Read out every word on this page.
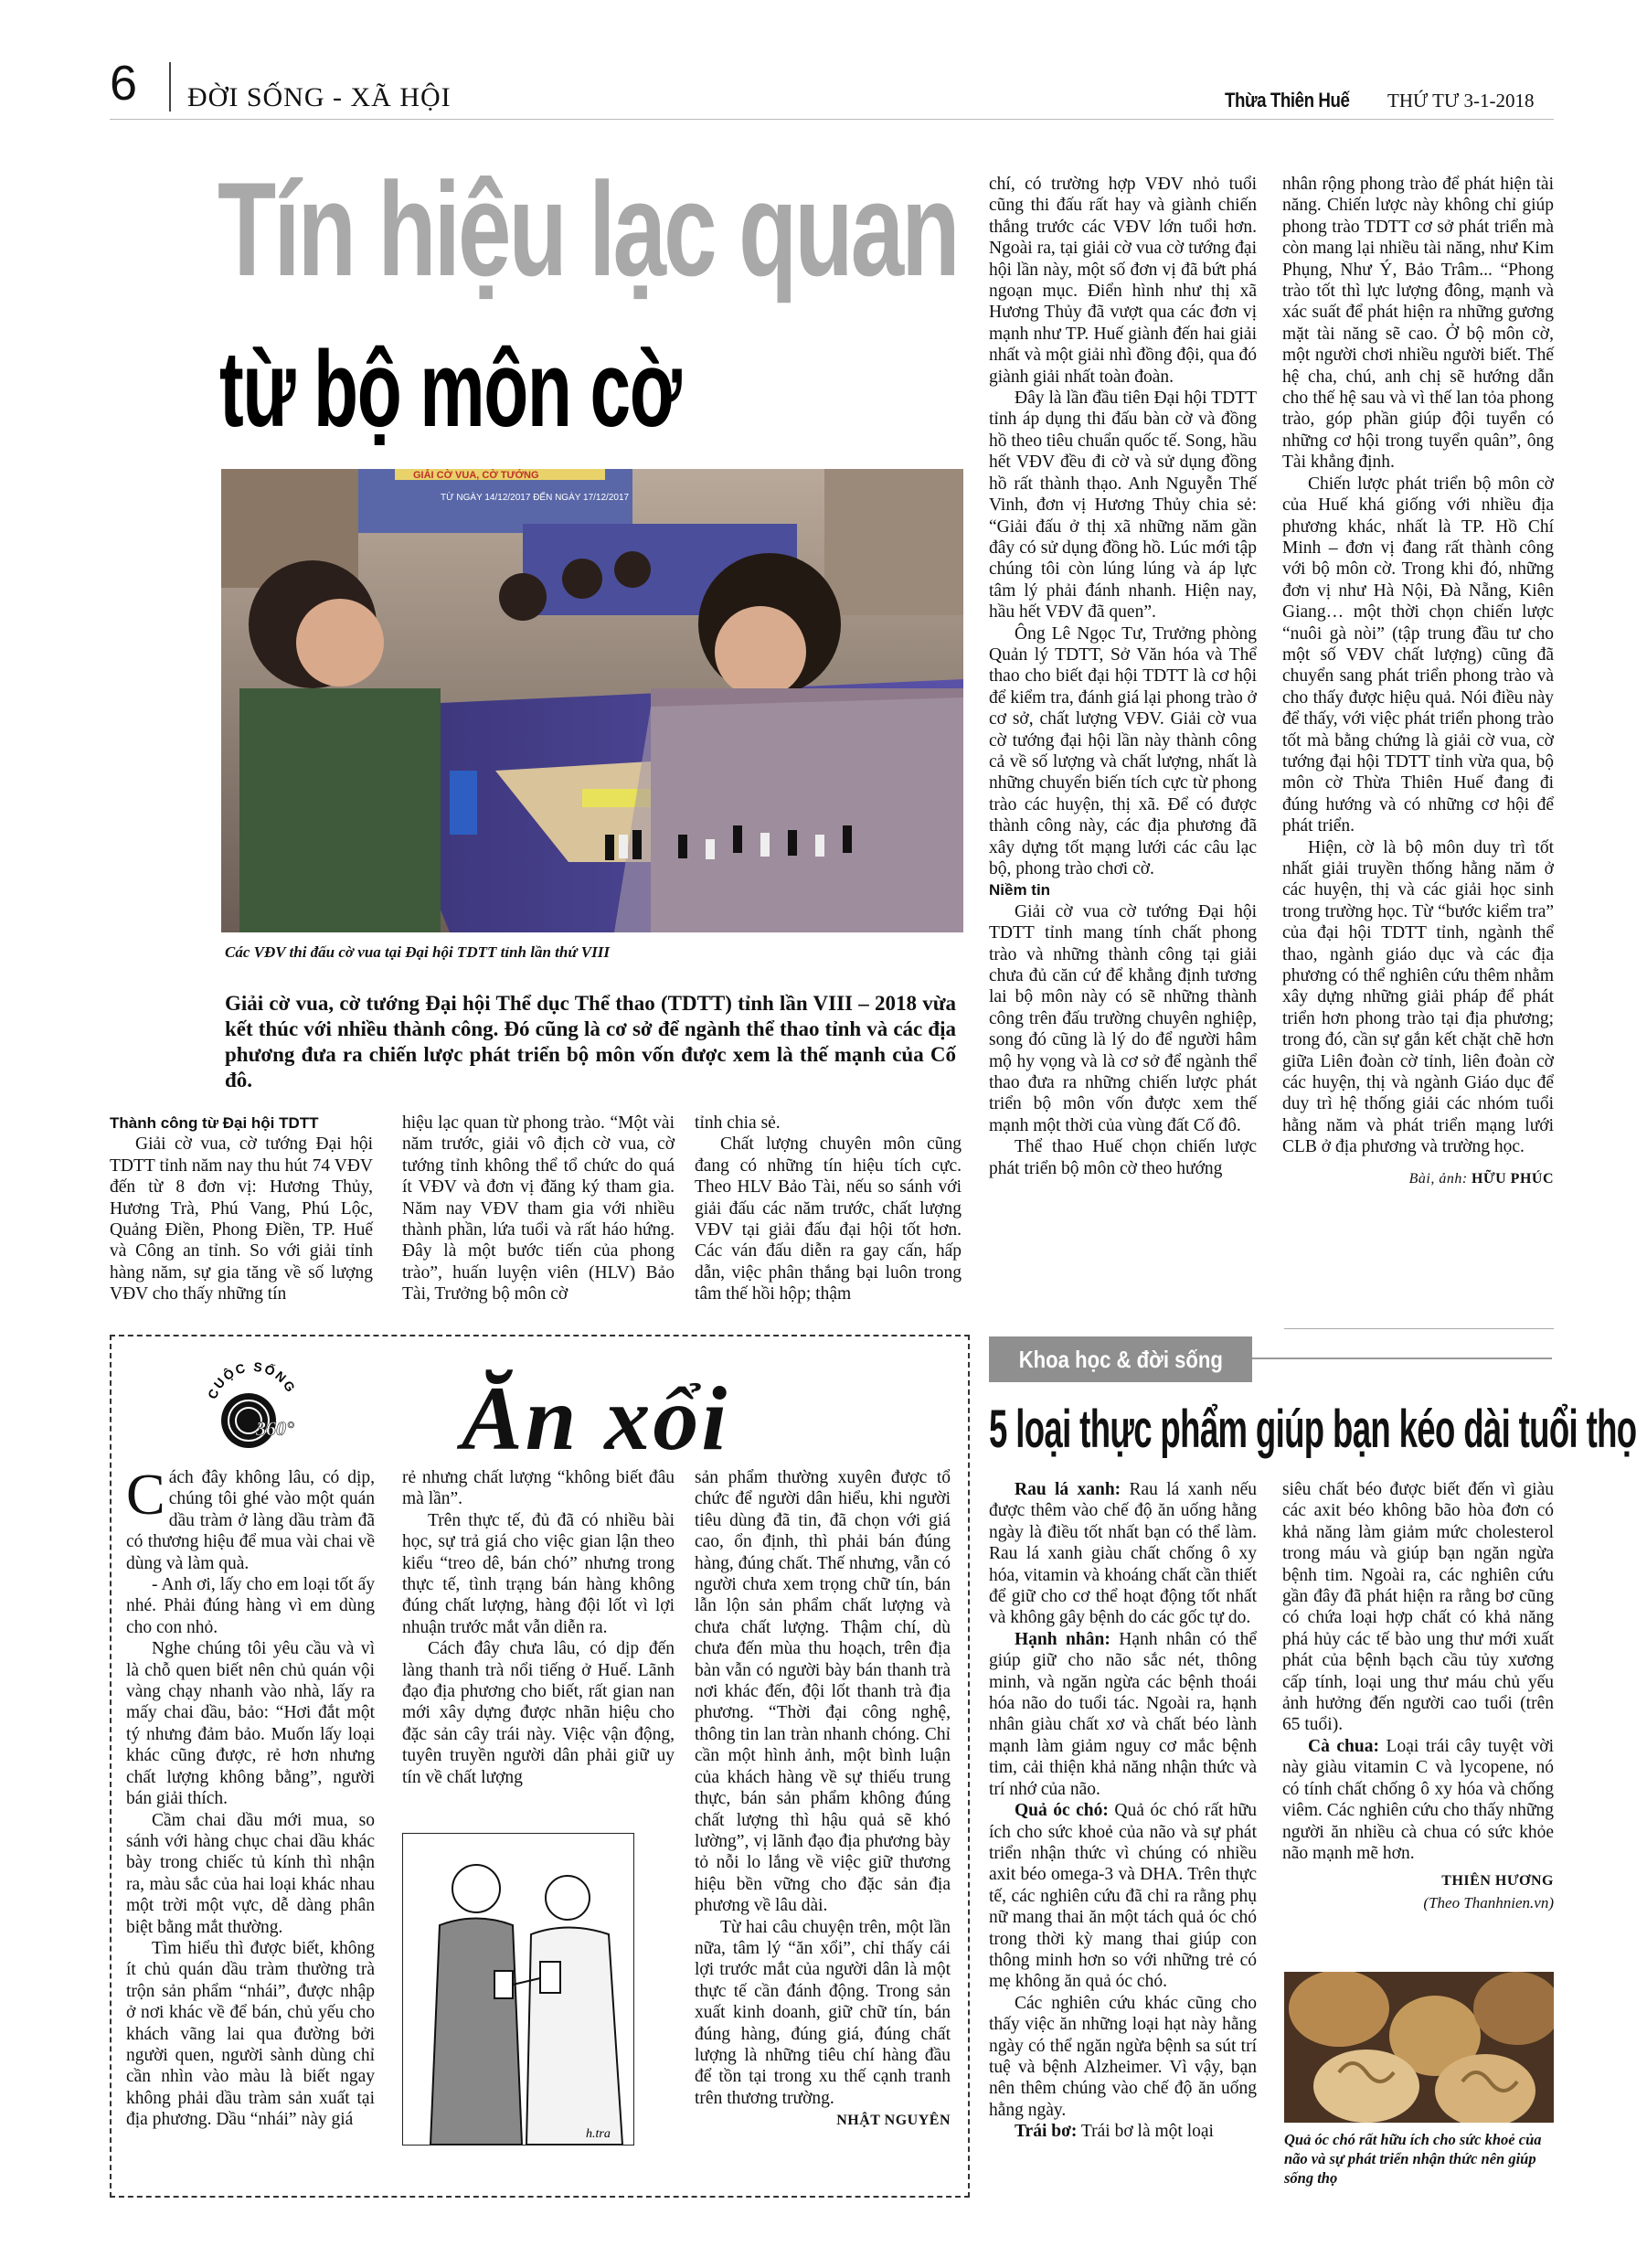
6 ĐỜI SỐNG - XÃ HỘI	Thừa Thiên Huế THỨ TƯ 3-1-2018
Tín hiệu lạc quan
từ bộ môn cờ
GIẢI CỜ VUA, CỜ TƯỚNG
TỪ NGÀY 14/12/2017 ĐẾN NGÀY 17/12/2017
Các VĐV thi đấu cờ vua tại Đại hội TDTT tỉnh lần thứ VIII
Giải cờ vua, cờ tướng Đại hội Thể dục Thể thao (TDTT) tỉnh lần VIII – 2018 vừa kết thúc với nhiều thành công. Đó cũng là cơ sở để ngành thể thao tỉnh và các địa phương đưa ra chiến lược phát triển bộ môn vốn được xem là thế mạnh của Cố đô.

Thành công từ Đại hội TDTT

Giải cờ vua, cờ tướng Đại hội TDTT tỉnh năm nay thu hút 74 VĐV đến từ 8 đơn vị: Hương Thủy, Hương Trà, Phú Vang, Phú Lộc, Quảng Điền, Phong Điền, TP. Huế và Công an tỉnh. So với giải tỉnh hàng năm, sự gia tăng về số lượng VĐV cho thấy những tín

hiệu lạc quan từ phong trào. “Một vài năm trước, giải vô địch cờ vua, cờ tướng tỉnh không thể tổ chức do quá ít VĐV và đơn vị đăng ký tham gia. Năm nay VĐV tham gia với nhiều thành phần, lứa tuổi và rất háo hứng. Đây là một bước tiến của phong trào”, huấn luyện viên (HLV) Bảo Tài, Trưởng bộ môn cờ

tỉnh chia sẻ.

Chất lượng chuyên môn cũng đang có những tín hiệu tích cực. Theo HLV Bảo Tài, nếu so sánh với giải đấu các năm trước, chất lượng VĐV tại giải đấu đại hội tốt hơn. Các ván đấu diễn ra gay cấn, hấp dẫn, việc phân thắng bại luôn trong tâm thế hồi hộp; thậm

chí, có trường hợp VĐV nhỏ tuổi cũng thi đấu rất hay và giành chiến thắng trước các VĐV lớn tuổi hơn. Ngoài ra, tại giải cờ vua cờ tướng đại hội lần này, một số đơn vị đã bứt phá ngoạn mục. Điển hình như thị xã Hương Thủy đã vượt qua các đơn vị mạnh như TP. Huế giành đến hai giải nhất và một giải nhì đồng đội, qua đó giành giải nhất toàn đoàn.

Đây là lần đầu tiên Đại hội TDTT tỉnh áp dụng thi đấu bàn cờ và đồng hồ theo tiêu chuẩn quốc tế. Song, hầu hết VĐV đều đi cờ và sử dụng đồng hồ rất thành thạo. Anh Nguyễn Thế Vinh, đơn vị Hương Thủy chia sẻ: “Giải đấu ở thị xã những năm gần đây có sử dụng đồng hồ. Lúc mới tập chúng tôi còn lúng lúng và áp lực tâm lý phải đánh nhanh. Hiện nay, hầu hết VĐV đã quen”.

Ông Lê Ngọc Tư, Trưởng phòng Quản lý TDTT, Sở Văn hóa và Thể thao cho biết đại hội TDTT là cơ hội để kiểm tra, đánh giá lại phong trào ở cơ sở, chất lượng VĐV. Giải cờ vua cờ tướng đại hội lần này thành công cả về số lượng và chất lượng, nhất là những chuyển biến tích cực từ phong trào các huyện, thị xã. Để có được thành công này, các địa phương đã xây dựng tốt mạng lưới các câu lạc bộ, phong trào chơi cờ.

Niềm tin

Giải cờ vua cờ tướng Đại hội TDTT tỉnh mang tính chất phong trào và những thành công tại giải chưa đủ căn cứ để khẳng định tương lai bộ môn này có sẽ những thành công trên đấu trường chuyên nghiệp, song đó cũng là lý do để người hâm mộ hy vọng và là cơ sở để ngành thể thao đưa ra những chiến lược phát triển bộ môn vốn được xem thế mạnh một thời của vùng đất Cố đô.

Thể thao Huế chọn chiến lược phát triển bộ môn cờ theo hướng

nhân rộng phong trào để phát hiện tài năng. Chiến lược này không chỉ giúp phong trào TDTT cơ sở phát triển mà còn mang lại nhiều tài năng, như Kim Phụng, Như Ý, Bảo Trâm... “Phong trào tốt thì lực lượng đông, mạnh và xác suất để phát hiện ra những gương mặt tài năng sẽ cao. Ở bộ môn cờ, một người chơi nhiều người biết. Thế hệ cha, chú, anh chị sẽ hướng dẫn cho thế hệ sau và vì thế lan tỏa phong trào, góp phần giúp đội tuyển có những cơ hội trong tuyển quân”, ông Tài khẳng định.

Chiến lược phát triển bộ môn cờ của Huế khá giống với nhiều địa phương khác, nhất là TP. Hồ Chí Minh – đơn vị đang rất thành công với bộ môn cờ. Trong khi đó, những đơn vị như Hà Nội, Đà Nẵng, Kiên Giang… một thời chọn chiến lược “nuôi gà nòi” (tập trung đầu tư cho một số VĐV chất lượng) cũng đã chuyển sang phát triển phong trào và cho thấy được hiệu quả. Nói điều này để thấy, với việc phát triển phong trào tốt mà bằng chứng là giải cờ vua, cờ tướng đại hội TDTT tỉnh vừa qua, bộ môn cờ Thừa Thiên Huế đang đi đúng hướng và có những cơ hội để phát triển.

Hiện, cờ là bộ môn duy trì tốt nhất giải truyền thống hằng năm ở các huyện, thị và các giải học sinh trong trường học. Từ “bước kiểm tra” của đại hội TDTT tỉnh, ngành thể thao, ngành giáo dục và các địa phương có thể nghiên cứu thêm nhằm xây dựng những giải pháp để phát triển hơn phong trào tại địa phương; trong đó, cần sự gắn kết chặt chẽ hơn giữa Liên đoàn cờ tỉnh, liên đoàn cờ các huyện, thị và ngành Giáo dục để duy trì hệ thống giải các nhóm tuổi hằng năm và phát triển mạng lưới CLB ở địa phương và trường học.

Bài, ảnh: HỮU PHÚC
CUỘC SỐNG
360° Ăn xổi

Cách đây không lâu, có dịp, chúng tôi ghé vào một quán dầu tràm ở làng dầu tràm đã có thương hiệu để mua vài chai về dùng và làm quà.

- Anh ơi, lấy cho em loại tốt ấy nhé. Phải đúng hàng vì em dùng cho con nhỏ.

Nghe chúng tôi yêu cầu và vì là chỗ quen biết nên chủ quán vội vàng chạy nhanh vào nhà, lấy ra mấy chai dầu, bảo: “Hơi đắt một tý nhưng đảm bảo. Muốn lấy loại khác cũng được, rẻ hơn nhưng chất lượng không bằng”, người bán giải thích.

Cầm chai dầu mới mua, so sánh với hàng chục chai dầu khác bày trong chiếc tủ kính thì nhận ra, màu sắc của hai loại khác nhau một trời một vực, dễ dàng phân biệt bằng mắt thường.

Tìm hiểu thì được biết, không ít chủ quán dầu tràm thường trà trộn sản phẩm “nhái”, được nhập ở nơi khác về để bán, chủ yếu cho khách vãng lai qua đường bởi người quen, người sành dùng chỉ cần nhìn vào màu là biết ngay không phải dầu tràm sản xuất tại địa phương. Dầu “nhái” này giá

rẻ nhưng chất lượng “không biết đâu mà lần”.

Trên thực tế, đủ đã có nhiều bài học, sự trả giá cho việc gian lận theo kiểu “treo dê, bán chó” nhưng trong thực tế, tình trạng bán hàng không đúng chất lượng, hàng đội lốt vì lợi nhuận trước mắt vẫn diễn ra.

Cách đây chưa lâu, có dịp đến làng thanh trà nổi tiếng ở Huế. Lãnh đạo địa phương cho biết, rất gian nan mới xây dựng được nhãn hiệu cho đặc sản cây trái này. Việc vận động, tuyên truyền người dân phải giữ uy tín về chất lượng

h.tra

sản phẩm thường xuyên được tổ chức để người dân hiểu, khi người tiêu dùng đã tin, đã chọn với giá cao, ổn định, thì phải bán đúng hàng, đúng chất. Thế nhưng, vẫn có người chưa xem trọng chữ tín, bán lẫn lộn sản phẩm chất lượng và chưa chất lượng. Thậm chí, dù chưa đến mùa thu hoạch, trên địa bàn vẫn có người bày bán thanh trà nơi khác đến, đội lốt thanh trà địa phương. “Thời đại công nghệ, thông tin lan tràn nhanh chóng. Chỉ cần một hình ảnh, một bình luận của khách hàng về sự thiếu trung thực, bán sản phẩm không đúng chất lượng thì hậu quả sẽ khó lường”, vị lãnh đạo địa phương bày tỏ nỗi lo lắng về việc giữ thương hiệu bền vững cho đặc sản địa phương về lâu dài.

Từ hai câu chuyện trên, một lần nữa, tâm lý “ăn xổi”, chỉ thấy cái lợi trước mắt của người dân là một thực tế cần đánh động. Trong sản xuất kinh doanh, giữ chữ tín, bán đúng hàng, đúng giá, đúng chất lượng là những tiêu chí hàng đầu để tồn tại trong xu thế cạnh tranh trên thương trường.

NHẬT NGUYÊN
Khoa học & đời sống
5 loại thực phẩm giúp bạn kéo dài tuổi thọ

Rau lá xanh: Rau lá xanh nếu được thêm vào chế độ ăn uống hằng ngày là điều tốt nhất bạn có thể làm. Rau lá xanh giàu chất chống ô xy hóa, vitamin và khoáng chất cần thiết để giữ cho cơ thể hoạt động tốt nhất và không gây bệnh do các gốc tự do.

Hạnh nhân: Hạnh nhân có thể giúp giữ cho não sắc nét, thông minh, và ngăn ngừa các bệnh thoái hóa não do tuổi tác. Ngoài ra, hạnh nhân giàu chất xơ và chất béo lành mạnh làm giảm nguy cơ mắc bệnh tim, cải thiện khả năng nhận thức và trí nhớ của não.

Quả óc chó: Quả óc chó rất hữu ích cho sức khoẻ của não và sự phát triển nhận thức vì chúng có nhiều axit béo omega-3 và DHA. Trên thực tế, các nghiên cứu đã chỉ ra rằng phụ nữ mang thai ăn một tách quả óc chó trong thời kỳ mang thai giúp con thông minh hơn so với những trẻ có mẹ không ăn quả óc chó.

Các nghiên cứu khác cũng cho thấy việc ăn những loại hạt này hằng ngày có thể ngăn ngừa bệnh sa sút trí tuệ và bệnh Alzheimer. Vì vậy, bạn nên thêm chúng vào chế độ ăn uống hằng ngày.

Trái bơ: Trái bơ là một loại

siêu chất béo được biết đến vì giàu các axit béo không bão hòa đơn có khả năng làm giảm mức cholesterol trong máu và giúp bạn ngăn ngừa bệnh tim. Ngoài ra, các nghiên cứu gần đây đã phát hiện ra rằng bơ cũng có chứa loại hợp chất có khả năng phá hủy các tế bào ung thư mới xuất phát của bệnh bạch cầu tủy xương cấp tính, loại ung thư máu chủ yếu ảnh hưởng đến người cao tuổi (trên 65 tuổi).

Cà chua: Loại trái cây tuyệt vời này giàu vitamin C và lycopene, nó có tính chất chống ô xy hóa và chống viêm. Các nghiên cứu cho thấy những người ăn nhiều cà chua có sức khỏe não mạnh mẽ hơn.

THIÊN HƯƠNG
(Theo Thanhnien.vn)
Quả óc chó rất hữu ích cho sức khoẻ của não và sự phát triển nhận thức nên giúp sống thọ
